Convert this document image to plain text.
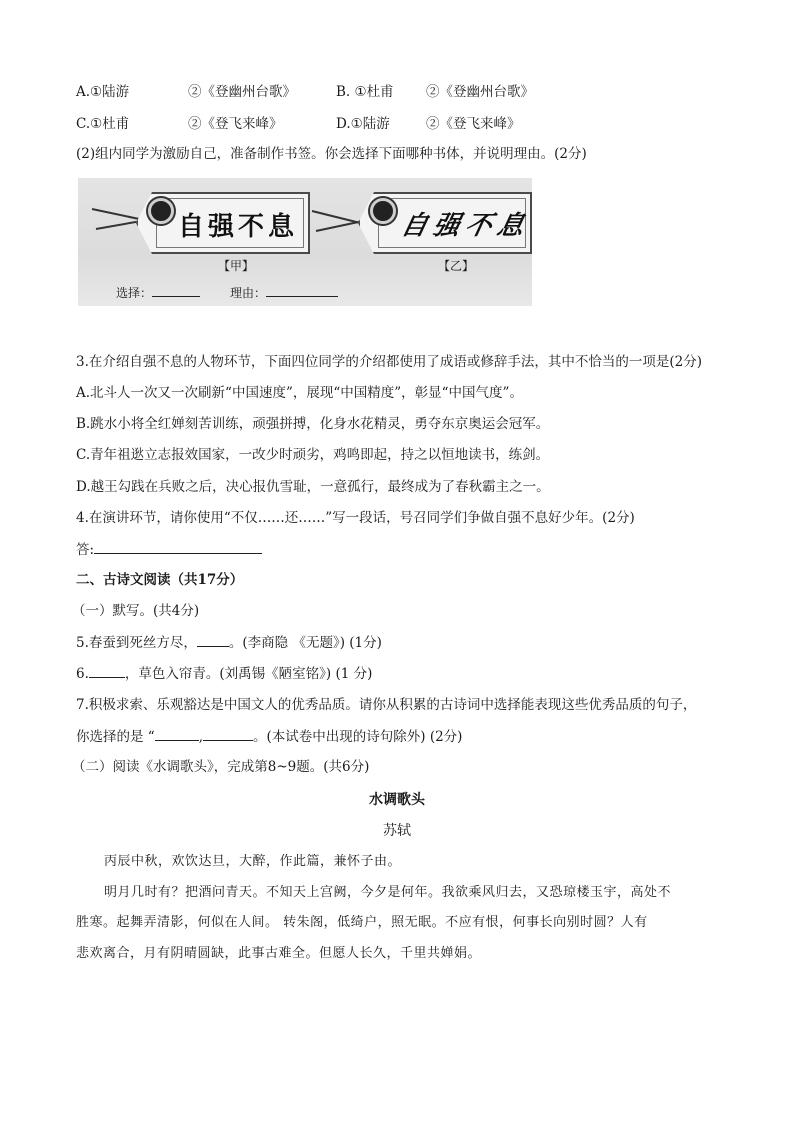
A.①陆游	②《登幽州台歌》	B. ①杜甫 ②《登幽州台歌》
C.①杜甫	②《登飞来峰》	D.①陆游	②《登飞来峰》
(2)组内同学为激励自己，准备制作书签。你会选择下面哪种书体，并说明理由。(2分)
自强不息	自强不息
【甲】	【乙】
选择：	理由：
3.在介绍自强不息的人物环节，下面四位同学的介绍都使用了成语或修辞手法，其中不恰当的一项是(2分)
A.北斗人一次又一次刷新“中国速度”，展现“中国精度”，彰显“中国气度”。
B.跳水小将全红婵刻苦训练，顽强拼搏，化身水花精灵，勇夺东京奥运会冠军。
C.青年祖逖立志报效国家，一改少时顽劣，鸡鸣即起，持之以恒地读书，练剑。
D.越王勾践在兵败之后，决心报仇雪耻，一意孤行，最终成为了春秋霸主之一。
4.在演讲环节，请你使用“不仅……还……”写一段话，号召同学们争做自强不息好少年。(2分)
答:
二、古诗文阅读（共17分）
（一）默写。(共4分)
5.春蚕到死丝方尽， 。(李商隐 《无题》) (1分)
6.	，草色入帘青。(刘禹锡《陋室铭》) (1 分)
7.积极求索、乐观豁达是中国文人的优秀品质。请你从积累的古诗词中选择能表现这些优秀品质的句子，
你选择的是 “	,	。(本试卷中出现的诗句除外) (2分)
（二）阅读《水调歌头》，完成第8~9题。(共6分)
水调歌头
苏轼
丙辰中秋，欢饮达旦，大醉，作此篇，兼怀子由。
明月几时有？把酒问青天。不知天上宫阙，今夕是何年。我欲乘风归去，又恐琼楼玉宇，高处不
胜寒。起舞弄清影，何似在人间。 转朱阁，低绮户，照无眠。不应有恨，何事长向别时圆？人有
悲欢离合，月有阴晴圆缺，此事古难全。但愿人长久，千里共婵娟。
